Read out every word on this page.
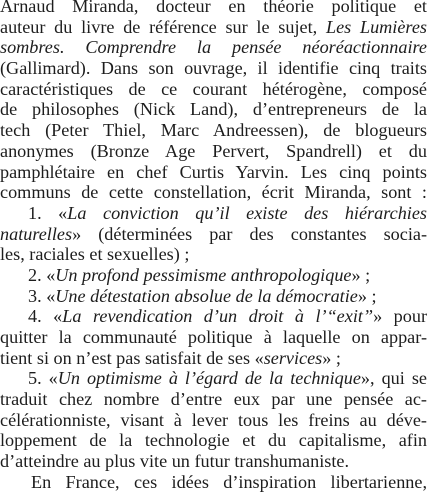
Arnaud Miranda, docteur en théorie politique et
auteur du livre de référence sur le sujet, Les Lumières
sombres. Comprendre la pensée néoréactionnaire
(Gallimard). Dans son ouvrage, il identifie cinq traits
caractéristiques de ce courant hétérogène, composé
de philosophes (Nick Land), d’entrepreneurs de la
tech (Peter Thiel, Marc Andreessen), de blogueurs
anonymes (Bronze Age Pervert, Spandrell) et du
pamphlétaire en chef Curtis Yarvin. Les cinq points
communs de cette constellation, écrit Miranda, sont :
1. «La conviction qu’il existe des hiérarchies
naturelles» (déterminées par des constantes socia-
les, raciales et sexuelles) ;
2. «Un profond pessimisme anthropologique» ;
3. «Une détestation absolue de la démocratie» ;
4. «La revendication d’un droit à l’“exit”» pour
quitter la communauté politique à laquelle on appar-
tient si on n’est pas satisfait de ses «services» ;
5. «Un optimisme à l’égard de la technique», qui se
traduit chez nombre d’entre eux par une pensée ac-
célérationniste, visant à lever tous les freins au déve-
loppement de la technologie et du capitalisme, afin
d’atteindre au plus vite un futur transhumaniste.
En France, ces idées d’inspiration libertarienne,
